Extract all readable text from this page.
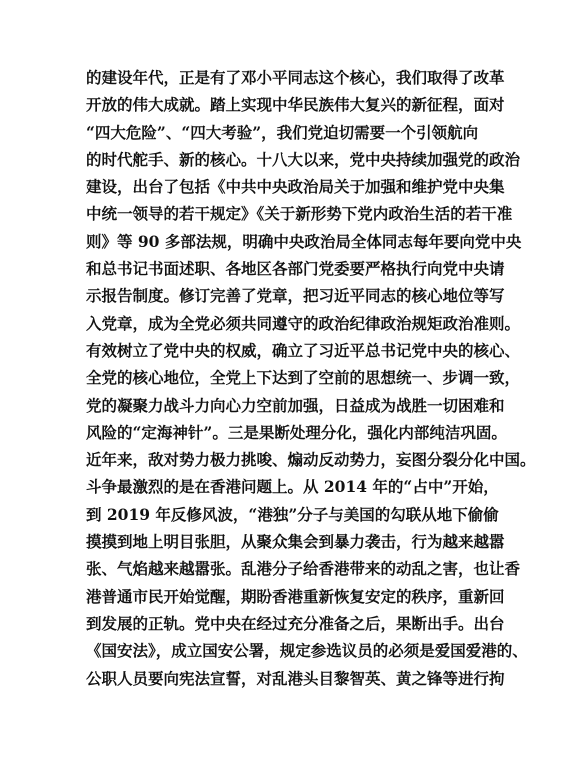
的建设年代，正是有了邓小平同志这个核心，我们取得了改革
开放的伟大成就。踏上实现中华民族伟大复兴的新征程，面对
“四大危险”、“四大考验”，我们党迫切需要一个引领航向
的时代舵手、新的核心。十八大以来，党中央持续加强党的政治
建设，出台了包括《中共中央政治局关于加强和维护党中央集
中统一领导的若干规定》《关于新形势下党内政治生活的若干准
则》等 90 多部法规，明确中央政治局全体同志每年要向党中央
和总书记书面述职、各地区各部门党委要严格执行向党中央请
示报告制度。修订完善了党章，把习近平同志的核心地位等写
入党章，成为全党必须共同遵守的政治纪律政治规矩政治准则。
有效树立了党中央的权威，确立了习近平总书记党中央的核心、
全党的核心地位，全党上下达到了空前的思想统一、步调一致，
党的凝聚力战斗力向心力空前加强，日益成为战胜一切困难和
风险的“定海神针”。三是果断处理分化，强化内部纯洁巩固。
近年来，敌对势力极力挑唆、煽动反动势力，妄图分裂分化中国。
斗争最激烈的是在香港问题上。从 2014 年的“占中”开始，
到 2019 年反修风波，“港独”分子与美国的勾联从地下偷偷
摸摸到地上明目张胆，从聚众集会到暴力袭击，行为越来越嚣
张、气焰越来越嚣张。乱港分子给香港带来的动乱之害，也让香
港普通市民开始觉醒，期盼香港重新恢复安定的秩序，重新回
到发展的正轨。党中央在经过充分准备之后，果断出手。出台
《国安法》，成立国安公署，规定参选议员的必须是爱国爱港的、
公职人员要向宪法宣誓，对乱港头目黎智英、黄之锋等进行拘
